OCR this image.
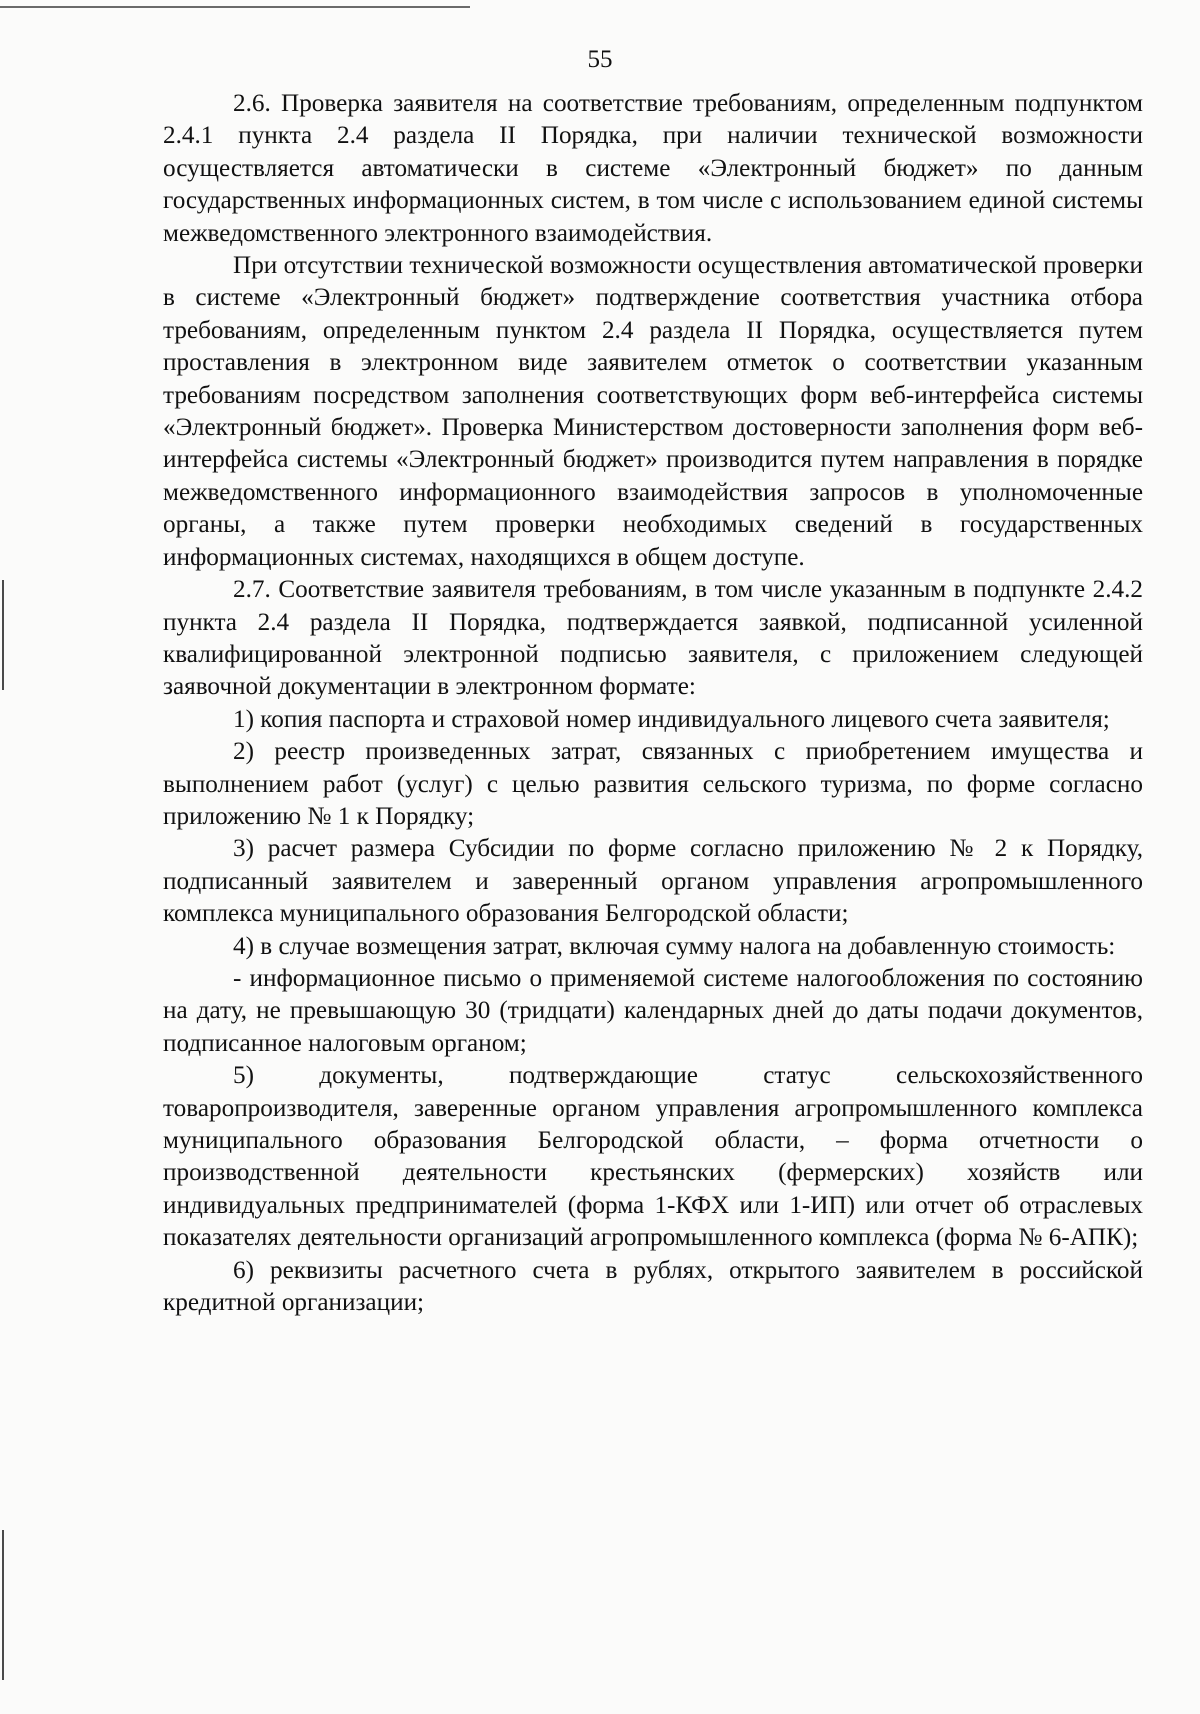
55

2.6. Проверка заявителя на соответствие требованиям, определенным подпунктом 2.4.1 пункта 2.4 раздела II Порядка, при наличии технической возможности осуществляется автоматически в системе «Электронный бюджет» по данным государственных информационных систем, в том числе с использованием единой системы межведомственного электронного взаимодействия.

При отсутствии технической возможности осуществления автоматической проверки в системе «Электронный бюджет» подтверждение соответствия участника отбора требованиям, определенным пунктом 2.4 раздела II Порядка, осуществляется путем проставления в электронном виде заявителем отметок о соответствии указанным требованиям посредством заполнения соответствующих форм веб-интерфейса системы «Электронный бюджет». Проверка Министерством достоверности заполнения форм веб-интерфейса системы «Электронный бюджет» производится путем направления в порядке межведомственного информационного взаимодействия запросов в уполномоченные органы, а также путем проверки необходимых сведений в государственных информационных системах, находящихся в общем доступе.

2.7. Соответствие заявителя требованиям, в том числе указанным в подпункте 2.4.2 пункта 2.4 раздела II Порядка, подтверждается заявкой, подписанной усиленной квалифицированной электронной подписью заявителя, с приложением следующей заявочной документации в электронном формате:

1) копия паспорта и страховой номер индивидуального лицевого счета заявителя;

2) реестр произведенных затрат, связанных с приобретением имущества и выполнением работ (услуг) с целью развития сельского туризма, по форме согласно приложению № 1 к Порядку;

3) расчет размера Субсидии по форме согласно приложению № 2 к Порядку, подписанный заявителем и заверенный органом управления агропромышленного комплекса муниципального образования Белгородской области;

4) в случае возмещения затрат, включая сумму налога на добавленную стоимость:

- информационное письмо о применяемой системе налогообложения по состоянию на дату, не превышающую 30 (тридцати) календарных дней до даты подачи документов, подписанное налоговым органом;

5) документы, подтверждающие статус сельскохозяйственного товаропроизводителя, заверенные органом управления агропромышленного комплекса муниципального образования Белгородской области, – форма отчетности о производственной деятельности крестьянских (фермерских) хозяйств или индивидуальных предпринимателей (форма 1-КФХ или 1-ИП) или отчет об отраслевых показателях деятельности организаций агропромышленного комплекса (форма № 6-АПК);

6) реквизиты расчетного счета в рублях, открытого заявителем в российской кредитной организации;
